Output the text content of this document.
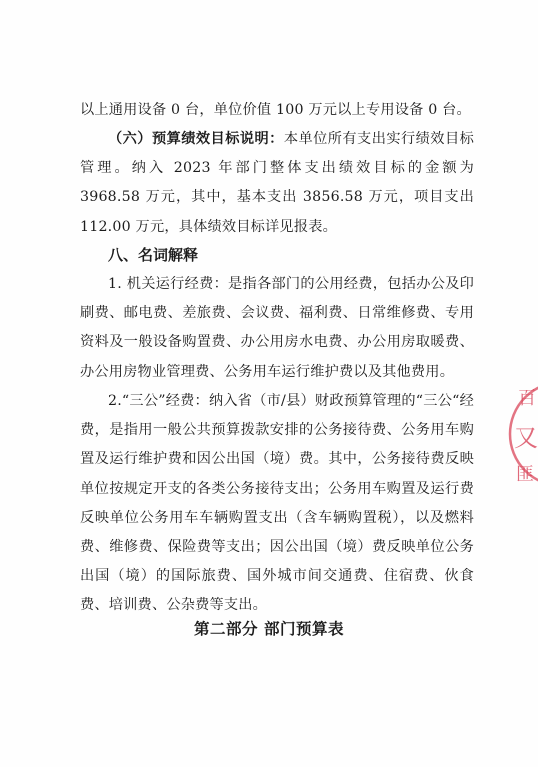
以上通用设备 0 台，单位价值 100 万元以上专用设备 0 台。

（六）预算绩效目标说明：本单位所有支出实行绩效目标管理。纳入 2023 年部门整体支出绩效目标的金额为 3968.58 万元，其中，基本支出 3856.58 万元，项目支出 112.00 万元，具体绩效目标详见报表。

八、名词解释

1. 机关运行经费：是指各部门的公用经费，包括办公及印刷费、邮电费、差旅费、会议费、福利费、日常维修费、专用资料及一般设备购置费、办公用房水电费、办公用房取暖费、办公用房物业管理费、公务用车运行维护费以及其他费用。

2.“三公”经费：纳入省（市/县）财政预算管理的“三公“经费，是指用一般公共预算拨款安排的公务接待费、公务用车购置及运行维护费和因公出国（境）费。其中，公务接待费反映单位按规定开支的各类公务接待支出；公务用车购置及运行费反映单位公务用车车辆购置支出（含车辆购置税），以及燃料费、维修费、保险费等支出；因公出国（境）费反映单位公务出国（境）的国际旅费、国外城市间交通费、住宿费、伙食费、培训费、公杂费等支出。

第二部分 部门预算表

百
又
匪
